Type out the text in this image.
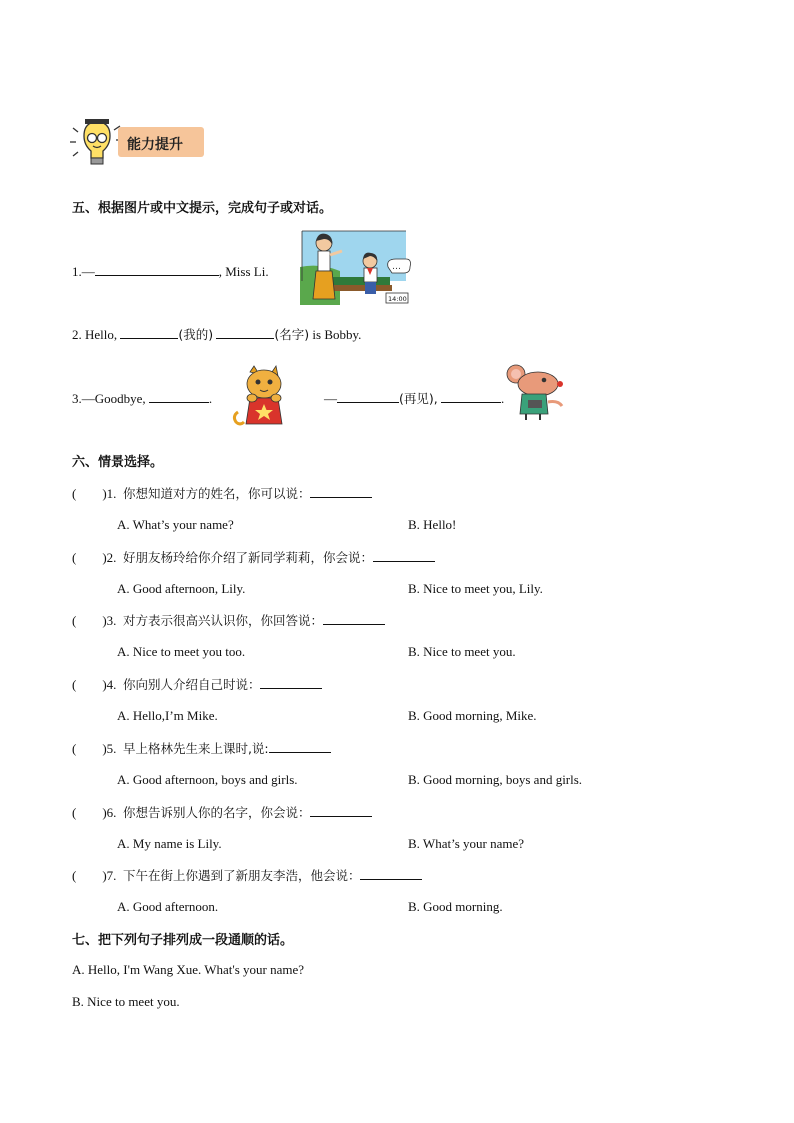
能力提升
五、根据图片或中文提示，完成句子或对话。
…
14:00
1.—	, Miss Li.
2. Hello,	(我的)	(名字) is Bobby.
3.—Goodbye,	.	—	(再见),	.
六、情景选择。
(        )1. 你想知道对方的姓名，你可以说：
A. What’s your name?	B. Hello!
(        )2. 好朋友杨玲给你介绍了新同学莉莉，你会说：
A. Good afternoon, Lily.	B. Nice to meet you, Lily.
(        )3. 对方表示很高兴认识你，你回答说：
A. Nice to meet you too.	B. Nice to meet you.
(        )4. 你向别人介绍自己时说：
A. Hello,I’m Mike.	B. Good morning, Mike.
(        )5. 早上格林先生来上课时,说:
A. Good afternoon, boys and girls.	B. Good morning, boys and girls.
(        )6. 你想告诉别人你的名字，你会说：
A. My name is Lily.	B. What’s your name?
(        )7. 下午在街上你遇到了新朋友李浩，他会说：
A. Good afternoon.	B. Good morning.
七、把下列句子排列成一段通顺的话。
A. Hello, I'm Wang Xue. What's your name?
B. Nice to meet you.
